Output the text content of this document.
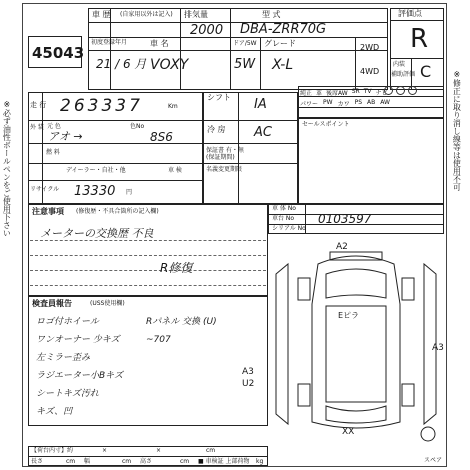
※必ず油性ボールペンをご使用下さい	※修正に取り消し線等は使用不可
45043
車 歴 (自家用以外は記入) 排気量	型 式
2000 DBA-ZRR70G
初度登録年月	車 名	ドア/5W グレード
21 / 6 月 VOXY	5W X-L
2WD
4WD
評価点
R
内装
補助評価 C
走 行 263337	Km
外 装 元 色
アオ →
色No
8S6
燃 料
デイーラー・自社・他
リサイクル 13330 円
シフト IA
冷 房 AC
保証書 有・無
(保証期間)
名義変更期限
車 検
純正 革 後席AW SR TV ナビ
パワー PW カワ PS AB AW

セールスポイント
車 体 No
車台 No 0103597
シリアル No
注意事項 (修復歴・不具合箇所の記入欄)
メーターの交換歴 不良
R修復
検査員報告	(USS使用欄)
ロゴ付ホイール	Rパネル 交換 (U)
ワンオーナー 少キズ	~707
左ミラー歪み
ラジエーター小Bキズ
シートキズ汚れ
キズ、凹
A2
Eピラ
A3
A3
U2
XX
スペア
【荷台内寸】約	×	×	cm
長さ	cm 幅	cm 高さ	cm ■ 車検証 上部荷物 kg
